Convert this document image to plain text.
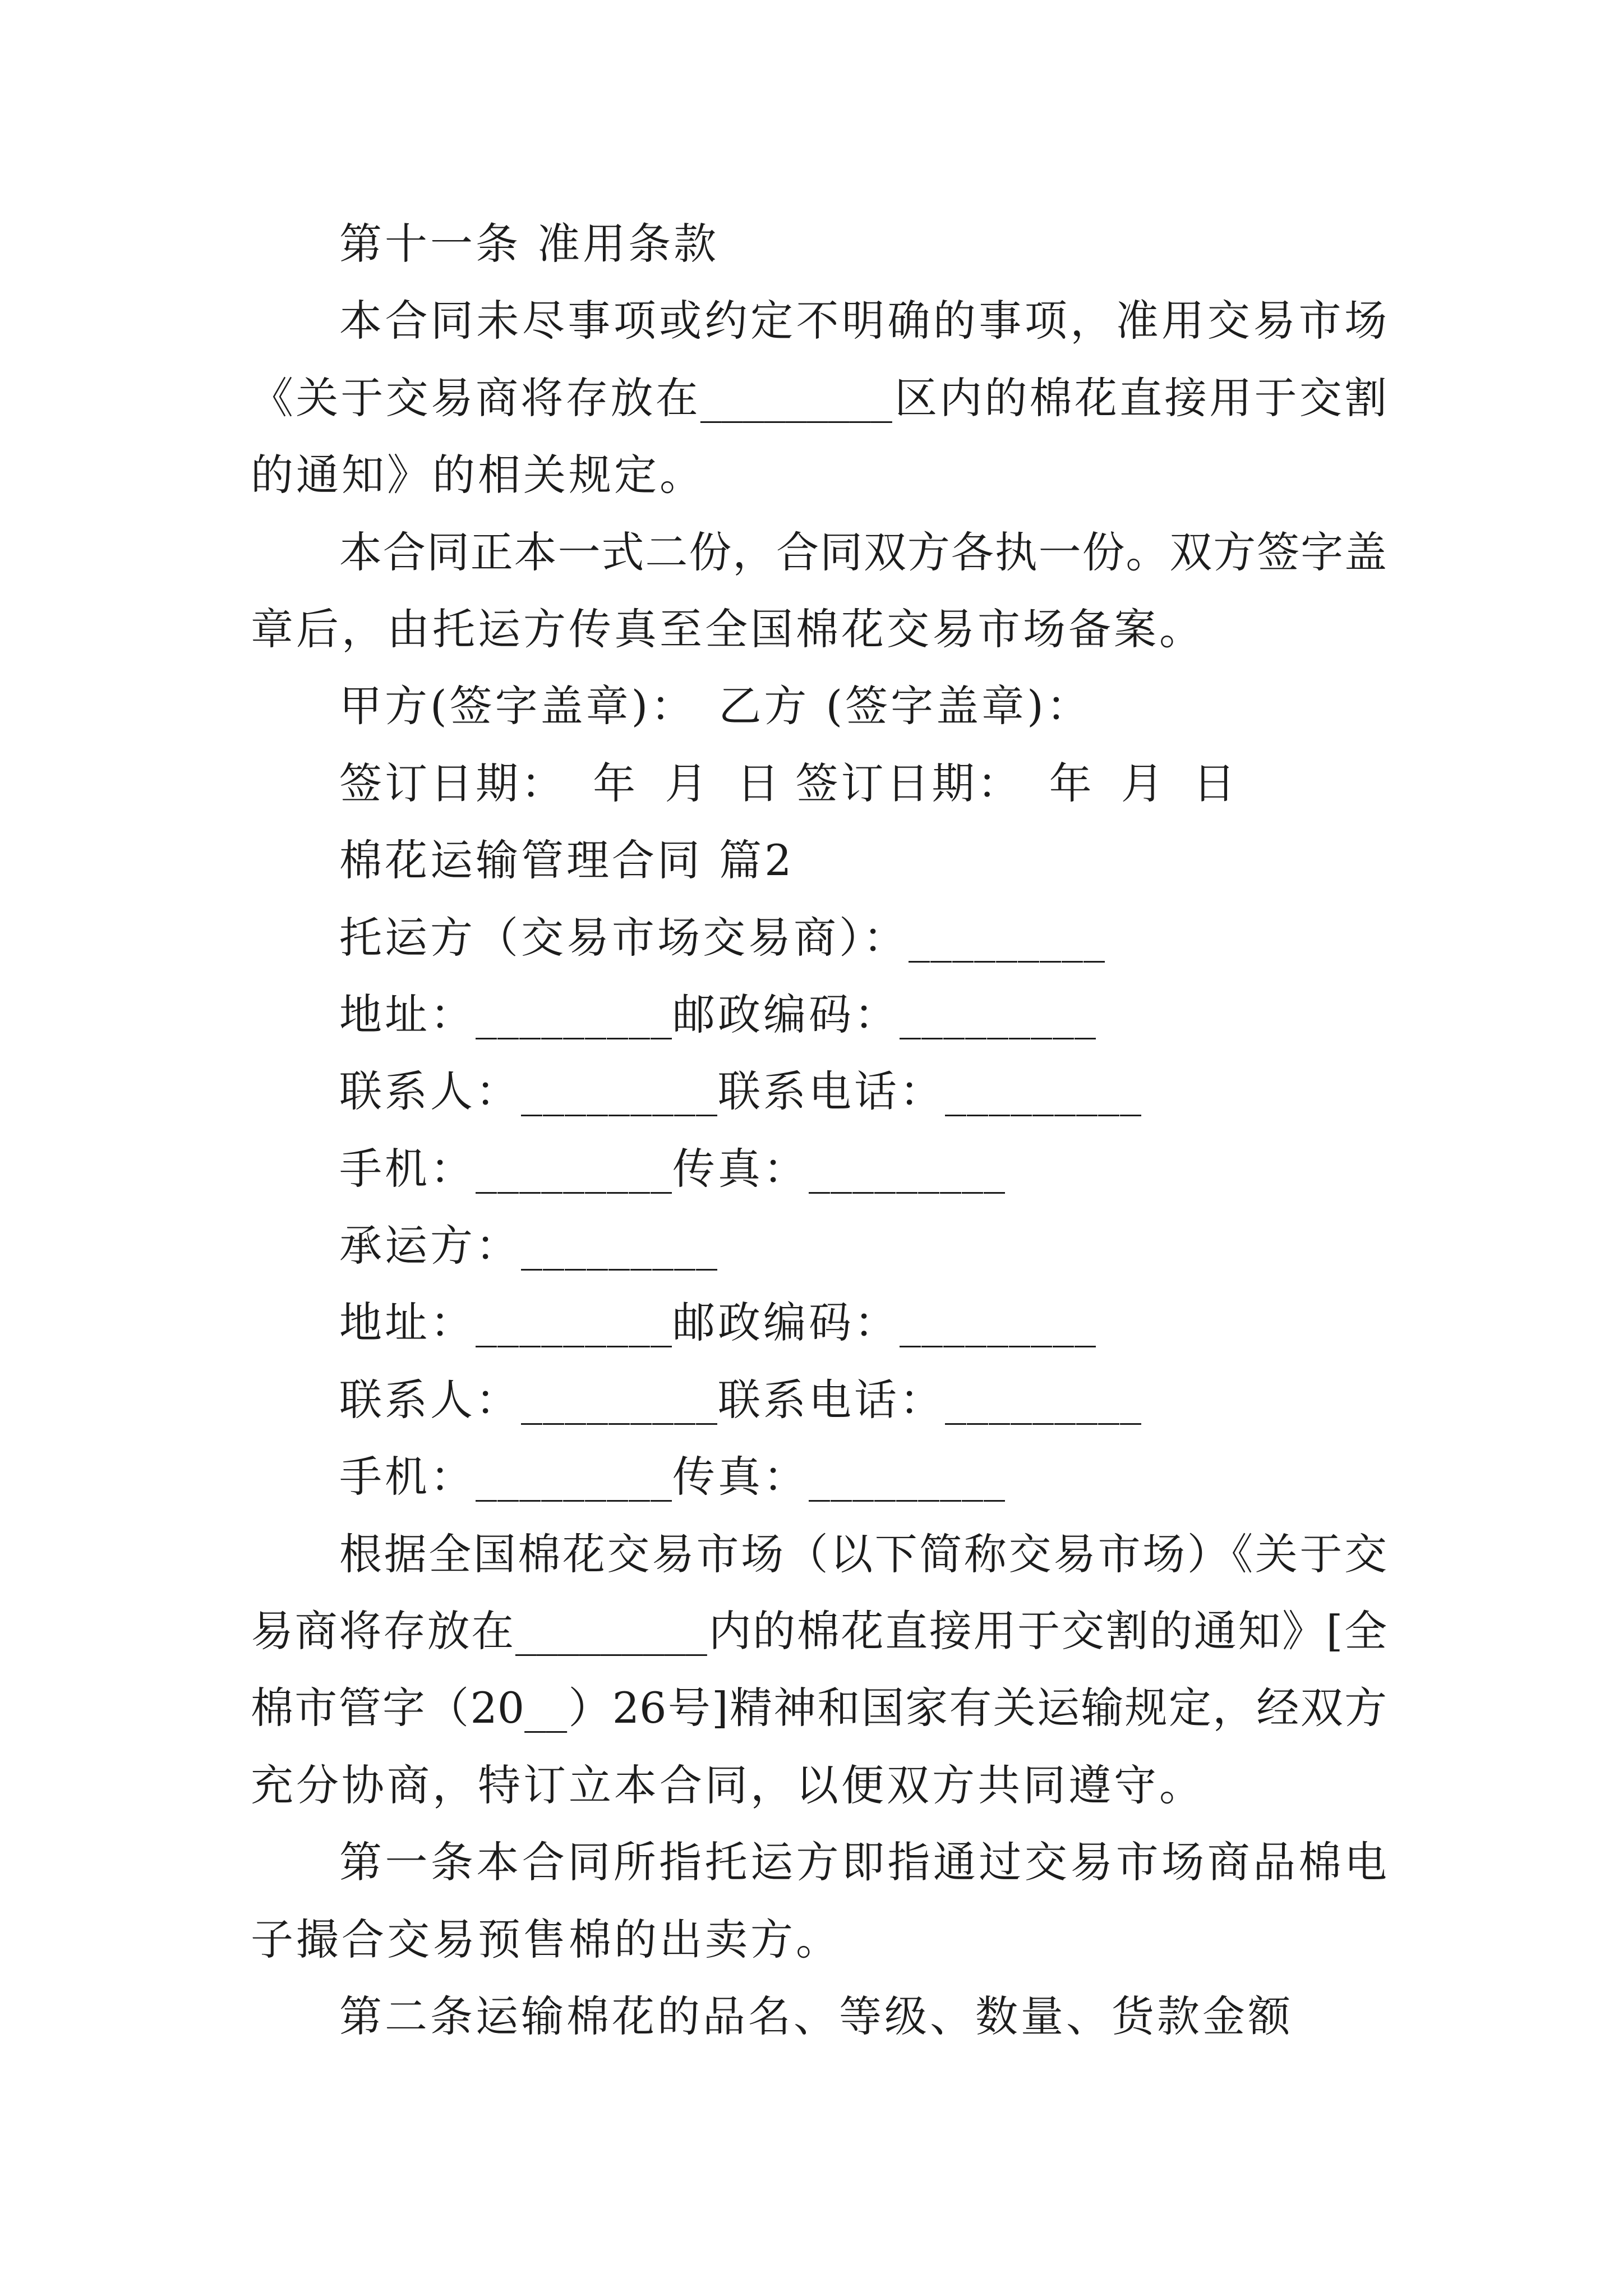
第十一条 准用条款
本合同未尽事项或约定不明确的事项，准用交易市场
《关于交易商将存放在_________区内的棉花直接用于交割
的通知》的相关规定。
本合同正本一式二份，合同双方各执一份。双方签字盖
章后，由托运方传真至全国棉花交易市场备案。
甲方(签字盖章)： 乙方 (签字盖章)：
签订日期： 年 月 日 签订日期： 年 月 日
棉花运输管理合同 篇2
托运方（交易市场交易商）：_________
地址：_________邮政编码：_________
联系人：_________联系电话：_________
手机：_________传真：_________
承运方：_________
地址：_________邮政编码：_________
联系人：_________联系电话：_________
手机：_________传真：_________
根据全国棉花交易市场（以下简称交易市场）《关于交
易商将存放在_________内的棉花直接用于交割的通知》[全
棉市管字（20__）26号]精神和国家有关运输规定，经双方
充分协商，特订立本合同，以便双方共同遵守。
第一条本合同所指托运方即指通过交易市场商品棉电
子撮合交易预售棉的出卖方。
第二条运输棉花的品名、等级、数量、货款金额
